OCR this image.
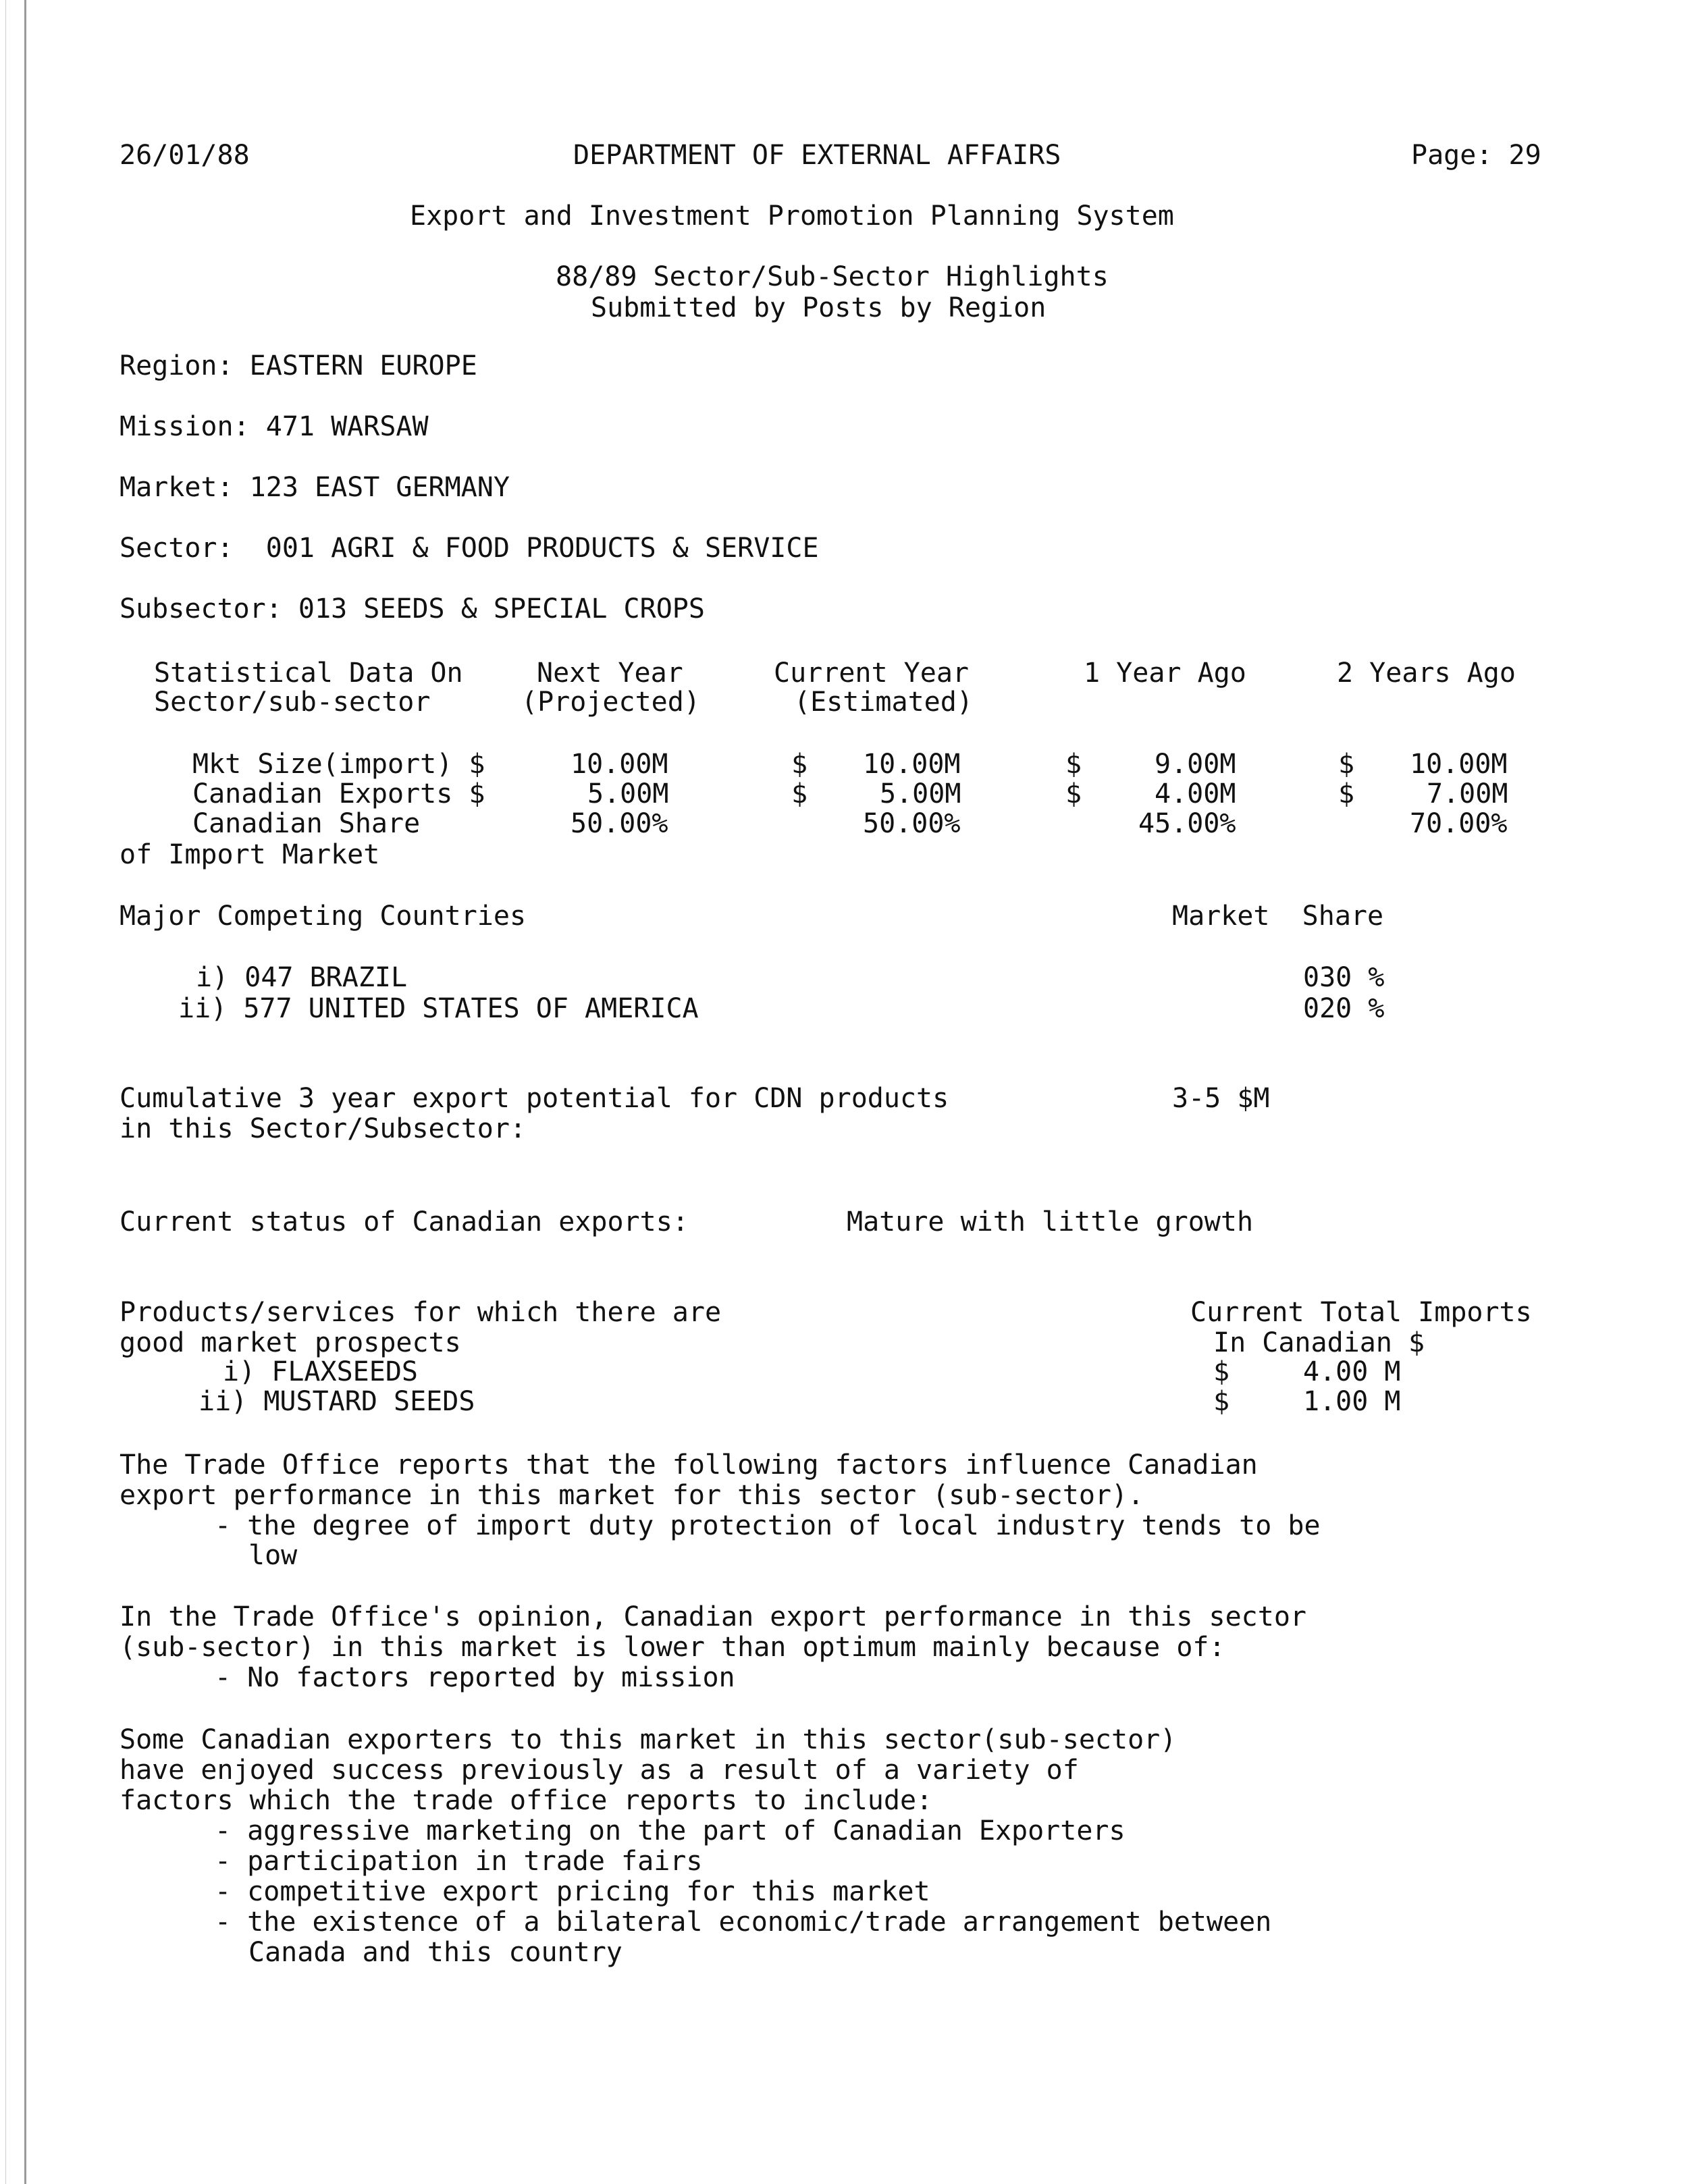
26/01/88	DEPARTMENT OF EXTERNAL AFFAIRS	Page: 29
Export and Investment Promotion Planning System
88/89 Sector/Sub-Sector Highlights
Submitted by Posts by Region
Region: EASTERN EUROPE
Mission: 471 WARSAW
Market: 123 EAST GERMANY
Sector:  001 AGRI & FOOD PRODUCTS & SERVICE
Subsector: 013 SEEDS & SPECIAL CROPS
Statistical Data On	Next Year	Current Year	1 Year Ago	2 Years Ago
Sector/sub-sector	(Projected)	(Estimated)
Mkt Size(import) $	10.00M	$ 10.00M	$	9.00M	$ 10.00M
Canadian Exports $	5.00M	$	5.00M	$	4.00M	$	7.00M
Canadian Share	50.00%	50.00%	45.00%	70.00%
of Import Market
Major Competing Countries	Market  Share
i) 047 BRAZIL	030 %
ii) 577 UNITED STATES OF AMERICA	020 %
Cumulative 3 year export potential for CDN products
in this Sector/Subsector:
3-5 $M
Current status of Canadian exports:	Mature with little growth
Products/services for which there are
good market prospects
Current Total Imports
In Canadian $
i) FLAXSEEDS	$	4.00 M
ii) MUSTARD SEEDS	$	1.00 M
The Trade Office reports that the following factors influence Canadian
export performance in this market for this sector (sub-sector).
- the degree of import duty protection of local industry tends to be
low
In the Trade Office's opinion, Canadian export performance in this sector
(sub-sector) in this market is lower than optimum mainly because of:
- No factors reported by mission
Some Canadian exporters to this market in this sector(sub-sector)
have enjoyed success previously as a result of a variety of
factors which the trade office reports to include:
- aggressive marketing on the part of Canadian Exporters
- participation in trade fairs
- competitive export pricing for this market
- the existence of a bilateral economic/trade arrangement between
Canada and this country
